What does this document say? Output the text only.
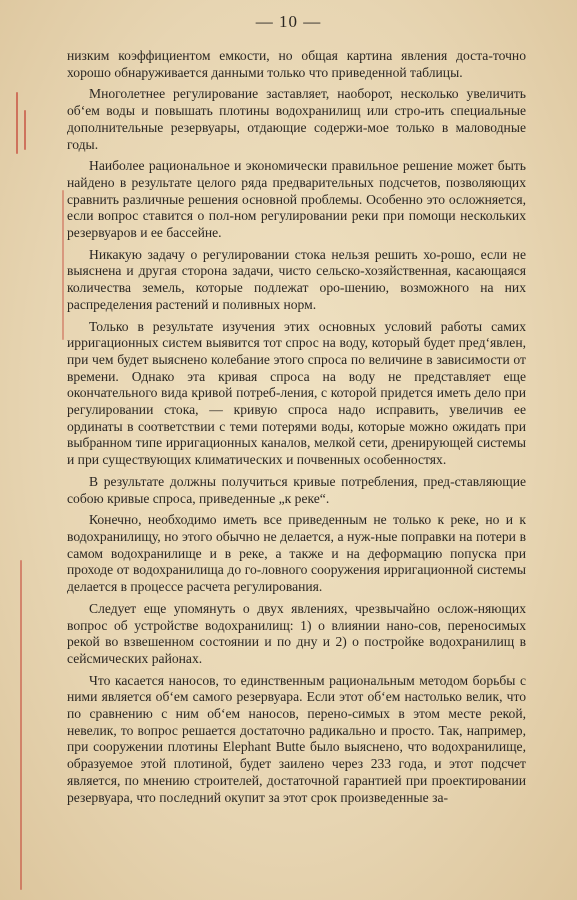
— 10 —

низким коэффициентом емкости, но общая картина явления доста-точно хорошо обнаруживается данными только что приведенной таблицы.

Многолетнее регулирование заставляет, наоборот, несколько увеличить об‘ем воды и повышать плотины водохранилищ или стро-ить специальные дополнительные резервуары, отдающие содержи-мое только в маловодные годы.

Наиболее рациональное и экономически правильное решение может быть найдено в результате целого ряда предварительных подсчетов, позволяющих сравнить различные решения основной проблемы. Особенно это осложняется, если вопрос ставится о пол-ном регулировании реки при помощи нескольких резервуаров и ее бассейне.

Никакую задачу о регулировании стока нельзя решить хо-рошо, если не выяснена и другая сторона задачи, чисто сельско-хозяйственная, касающаяся количества земель, которые подлежат оро-шению, возможного на них распределения растений и поливных норм.

Только в результате изучения этих основных условий работы самих ирригационных систем выявится тот спрос на воду, который будет пред‘явлен, при чем будет выяснено колебание этого спроса по величине в зависимости от времени. Однако эта кривая спроса на воду не представляет еще окончательного вида кривой потреб-ления, с которой придется иметь дело при регулировании стока, — кривую спроса надо исправить, увеличив ее ординаты в соответствии с теми потерями воды, которые можно ожидать при выбранном типе ирригационных каналов, мелкой сети, дренирующей системы и при существующих климатических и почвенных особенностях.

В результате должны получиться кривые потребления, пред-ставляющие собою кривые спроса, приведенные „к реке“.

Конечно, необходимо иметь все приведенным не только к реке, но и к водохранилищу, но этого обычно не делается, а нуж-ные поправки на потери в самом водохранилище и в реке, а также и на деформацию попуска при проходе от водохранилища до го-ловного сооружения ирригационной системы делается в процессе расчета регулирования.

Следует еще упомянуть о двух явлениях, чрезвычайно ослож-няющих вопрос об устройстве водохранилищ: 1) о влиянии нано-сов, переносимых рекой во взвешенном состоянии и по дну и 2) о постройке водохранилищ в сейсмических районах.

Что касается наносов, то единственным рациональным методом борьбы с ними является об‘ем самого резервуара. Если этот об‘ем настолько велик, что по сравнению с ним об‘ем наносов, перено-симых в этом месте рекой, невелик, то вопрос решается достаточно радикально и просто. Так, например, при сооружении плотины Elephant Butte было выяснено, что водохранилище, образуемое этой плотиной, будет заилено через 233 года, и этот подсчет является, по мнению строителей, достаточной гарантией при проектировании резервуара, что последний окупит за этот срок произведенные за-
